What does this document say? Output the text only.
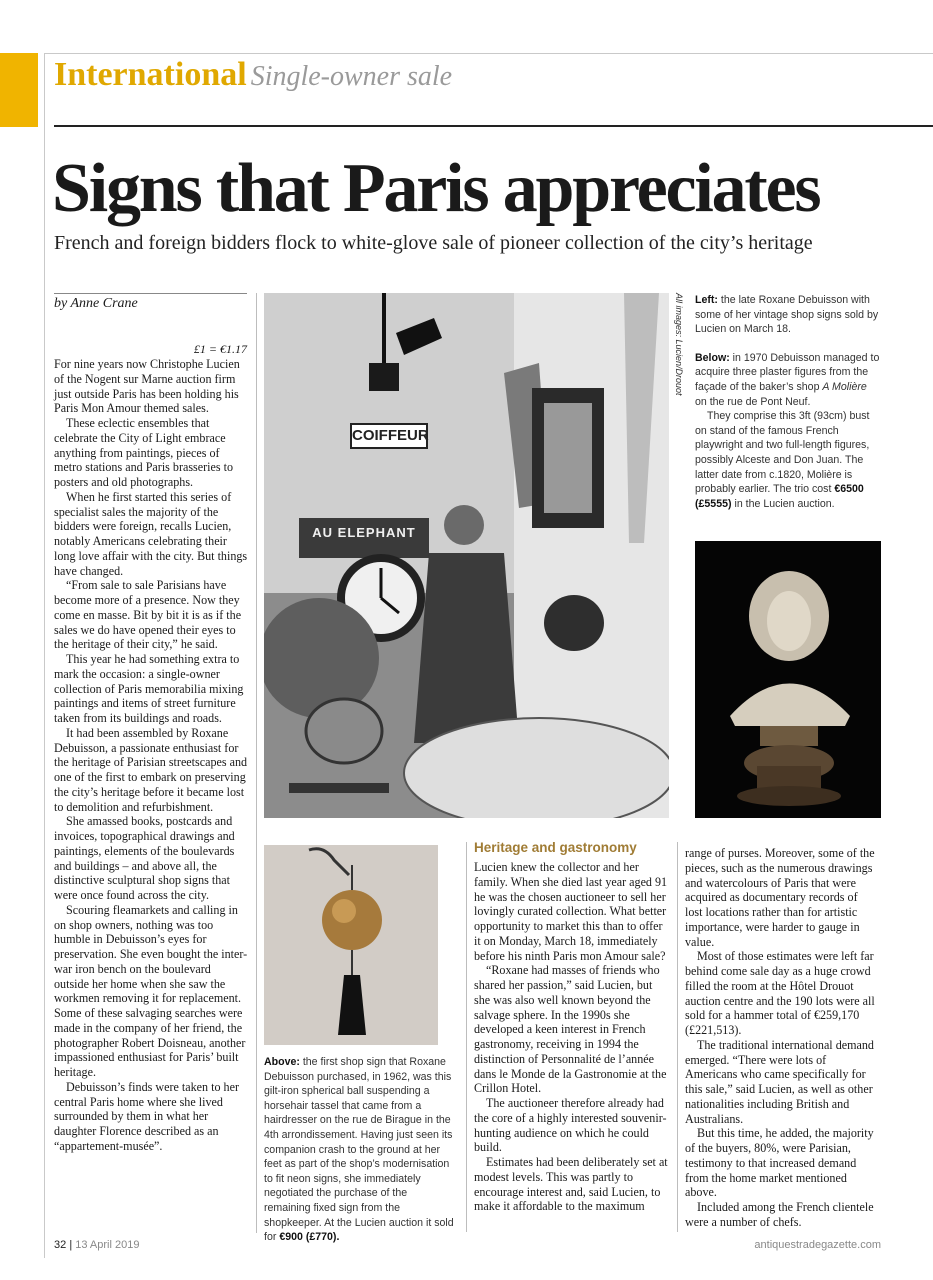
International Single-owner sale
Signs that Paris appreciates
French and foreign bidders flock to white-glove sale of pioneer collection of the city’s heritage
by Anne Crane
£1 = €1.17

For nine years now Christophe Lucien of the Nogent sur Marne auction firm just outside Paris has been holding his Paris Mon Amour themed sales.

These eclectic ensembles that celebrate the City of Light embrace anything from paintings, pieces of metro stations and Paris brasseries to posters and old photographs.

When he first started this series of specialist sales the majority of the bidders were foreign, recalls Lucien, notably Americans celebrating their long love affair with the city. But things have changed.

“From sale to sale Parisians have become more of a presence. Now they come en masse. Bit by bit it is as if the sales we do have opened their eyes to the heritage of their city,” he said.

This year he had something extra to mark the occasion: a single-owner collection of Paris memorabilia mixing paintings and items of street furniture taken from its buildings and roads.

It had been assembled by Roxane Debuisson, a passionate enthusiast for the heritage of Parisian streetscapes and one of the first to embark on preserving the city’s heritage before it became lost to demolition and refurbishment.

She amassed books, postcards and invoices, topographical drawings and paintings, elements of the boulevards and buildings – and above all, the distinctive sculptural shop signs that were once found across the city.

Scouring fleamarkets and calling in on shop owners, nothing was too humble in Debuisson’s eyes for preservation. She even bought the inter-war iron bench on the boulevard outside her home when she saw the workmen removing it for replacement. Some of these salvaging searches were made in the company of her friend, the photographer Robert Doisneau, another impassioned enthusiast for Paris’ built heritage.

Debuisson’s finds were taken to her central Paris home where she lived surrounded by them in what her daughter Florence described as an “appartement-musée”.

COIFFEUR
AU ELEPHANT
All images: Lucien/Drouot Left: the late Roxane Debuisson with some of her vintage shop signs sold by Lucien on March 18.

Below: in 1970 Debuisson managed to acquire three plaster figures from the façade of the baker’s shop A Molière on the rue de Pont Neuf.

They comprise this 3ft (93cm) bust on stand of the famous French playwright and two full-length figures, possibly Alceste and Don Juan. The latter date from c.1820, Molière is probably earlier. The trio cost €6500 (£5555) in the Lucien auction.

Above: the first shop sign that Roxane Debuisson purchased, in 1962, was this gilt-iron spherical ball suspending a horsehair tassel that came from a hairdresser on the rue de Biragu​e in the 4th arrondissement. Having just seen its companion crash to the ground at her feet as part of the shop’s modernisation to fit neon signs, she immediately negotiated the purchase of the remaining fixed sign from the shopkeeper. At the Lucien auction it sold for €900 (£770).

Heritage and gastronomy

Lucien knew the collector and her family. When she died last year aged 91 he was the chosen auctioneer to sell her lovingly curated collection. What better opportunity to market this than to offer it on Monday, March 18, immediately before his ninth Paris mon Amour sale?

“Roxane had masses of friends who shared her passion,” said Lucien, but she was also well known beyond the salvage sphere. In the 1990s she developed a keen interest in French gastronomy, receiving in 1994 the distinction of Personnalité de l’année dans le Monde de la Gastronomie at the Crillon Hotel.

The auctioneer therefore already had the core of a highly interested souvenir-hunting audience on which he could build.

Estimates had been deliberately set at modest levels. This was partly to encourage interest and, said Lucien, to make it affordable to the maximum

range of purses. Moreover, some of the pieces, such as the numerous drawings and watercolours of Paris that were acquired as documentary records of lost locations rather than for artistic importance, were harder to gauge in value.

Most of those estimates were left far behind come sale day as a huge crowd filled the room at the Hôtel Drouot auction centre and the 190 lots were all sold for a hammer total of €259,170 (£221,513).

The traditional international demand emerged. “There were lots of Americans who came specifically for this sale,” said Lucien, as well as other nationalities including British and Australians.

But this time, he added, the majority of the buyers, 80%, were Parisian, testimony to that increased demand from the home market mentioned above.

Included among the French clientele were a number of chefs.

32 | 13 April 2019	antiquestradegazette.com
